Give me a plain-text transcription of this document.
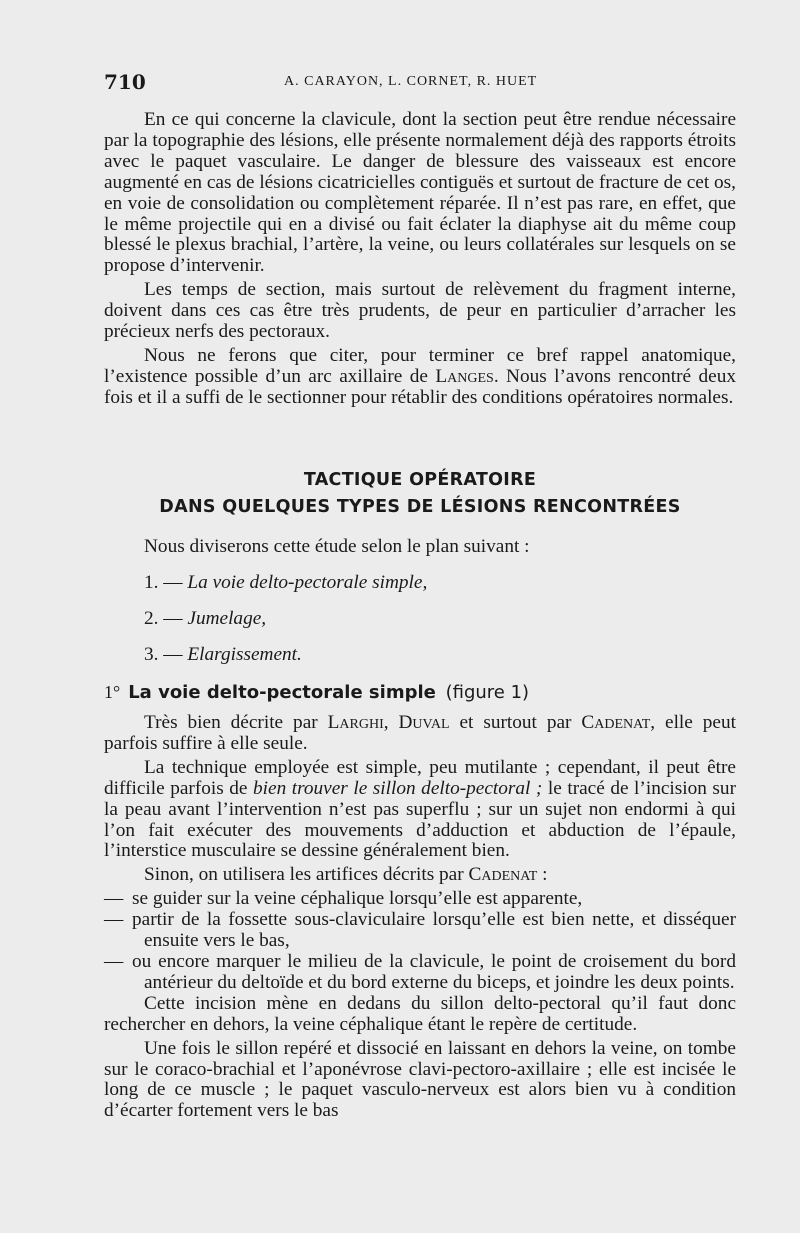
710	A. CARAYON, L. CORNET, R. HUET

En ce qui concerne la clavicule, dont la section peut être rendue nécessaire par la topographie des lésions, elle présente normalement déjà des rapports étroits avec le paquet vasculaire. Le danger de blessure des vaisseaux est encore augmenté en cas de lésions cicatricielles contiguës et surtout de fracture de cet os, en voie de consolidation ou complètement réparée. Il n’est pas rare, en effet, que le même projectile qui en a divisé ou fait éclater la diaphyse ait du même coup blessé le plexus brachial, l’artère, la veine, ou leurs collatérales sur lesquels on se propose d’intervenir.

Les temps de section, mais surtout de relèvement du fragment interne, doivent dans ces cas être très prudents, de peur en particulier d’arracher les précieux nerfs des pectoraux.

Nous ne ferons que citer, pour terminer ce bref rappel anatomique, l’existence possible d’un arc axillaire de Langes. Nous l’avons rencontré deux fois et il a suffi de le sectionner pour rétablir des conditions opératoires normales.

TACTIQUE OPÉRATOIRE
DANS QUELQUES TYPES DE LÉSIONS RENCONTRÉES
Nous diviserons cette étude selon le plan suivant :
1. — La voie delto-pectorale simple,
2. — Jumelage,
3. — Elargissement.
1° La voie delto-pectorale simple (figure 1)

Très bien décrite par Larghi, Duval et surtout par Cadenat, elle peut parfois suffire à elle seule.

La technique employée est simple, peu mutilante ; cependant, il peut être difficile parfois de bien trouver le sillon delto-pectoral ; le tracé de l’incision sur la peau avant l’intervention n’est pas superflu ; sur un sujet non endormi à qui l’on fait exécuter des mouvements d’adduction et abduction de l’épaule, l’interstice musculaire se dessine généralement bien.

Sinon, on utilisera les artifices décrits par Cadenat :

— se guider sur la veine céphalique lorsqu’elle est apparente,

— partir de la fossette sous-claviculaire lorsqu’elle est bien nette, et disséquer ensuite vers le bas,

— ou encore marquer le milieu de la clavicule, le point de croisement du bord antérieur du deltoïde et du bord externe du biceps, et joindre les deux points.

Cette incision mène en dedans du sillon delto-pectoral qu’il faut donc rechercher en dehors, la veine céphalique étant le repère de certitude.

Une fois le sillon repéré et dissocié en laissant en dehors la veine, on tombe sur le coraco-brachial et l’aponévrose clavi-pectoro-axillaire ; elle est incisée le long de ce muscle ; le paquet vasculo-nerveux est alors bien vu à condition d’écarter fortement vers le bas
